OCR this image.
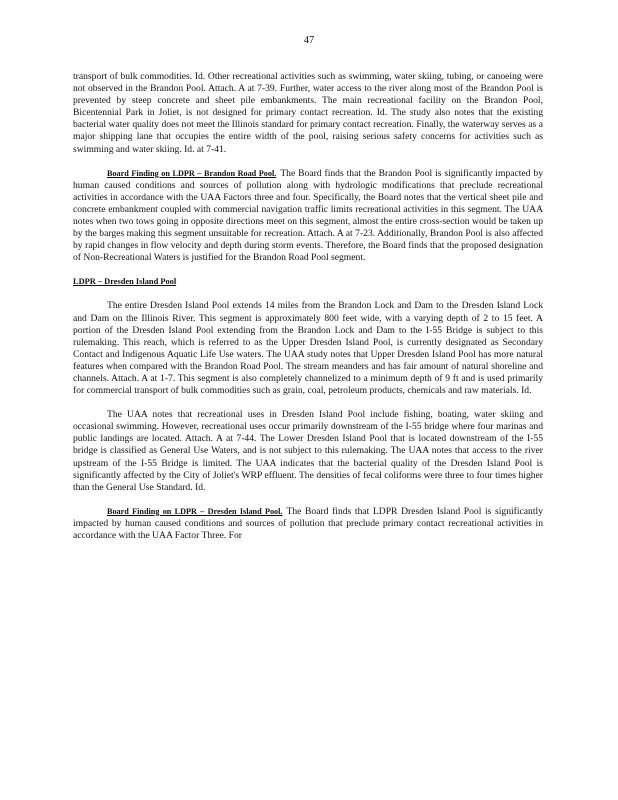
47

transport of bulk commodities. Id. Other recreational activities such as swimming, water skiing, tubing, or canoeing were not observed in the Brandon Pool. Attach. A at 7-39. Further, water access to the river along most of the Brandon Pool is prevented by steep concrete and sheet pile embankments. The main recreational facility on the Brandon Pool, Bicentennial Park in Joliet, is not designed for primary contact recreation. Id. The study also notes that the existing bacterial water quality does not meet the Illinois standard for primary contact recreation. Finally, the waterway serves as a major shipping lane that occupies the entire width of the pool, raising serious safety concerns for activities such as swimming and water skiing. Id. at 7-41.

Board Finding on LDPR – Brandon Road Pool. The Board finds that the Brandon Pool is significantly impacted by human caused conditions and sources of pollution along with hydrologic modifications that preclude recreational activities in accordance with the UAA Factors three and four. Specifically, the Board notes that the vertical sheet pile and concrete embankment coupled with commercial navigation traffic limits recreational activities in this segment. The UAA notes when two tows going in opposite directions meet on this segment, almost the entire cross-section would be taken up by the barges making this segment unsuitable for recreation. Attach. A at 7-23. Additionally, Brandon Pool is also affected by rapid changes in flow velocity and depth during storm events. Therefore, the Board finds that the proposed designation of Non-Recreational Waters is justified for the Brandon Road Pool segment.

LDPR – Dresden Island Pool

The entire Dresden Island Pool extends 14 miles from the Brandon Lock and Dam to the Dresden Island Lock and Dam on the Illinois River. This segment is approximately 800 feet wide, with a varying depth of 2 to 15 feet. A portion of the Dresden Island Pool extending from the Brandon Lock and Dam to the I-55 Bridge is subject to this rulemaking. This reach, which is referred to as the Upper Dresden Island Pool, is currently designated as Secondary Contact and Indigenous Aquatic Life Use waters. The UAA study notes that Upper Dresden Island Pool has more natural features when compared with the Brandon Road Pool. The stream meanders and has fair amount of natural shoreline and channels. Attach. A at 1-7. This segment is also completely channelized to a minimum depth of 9 ft and is used primarily for commercial transport of bulk commodities such as grain, coal, petroleum products, chemicals and raw materials. Id.

The UAA notes that recreational uses in Dresden Island Pool include fishing, boating, water skiing and occasional swimming. However, recreational uses occur primarily downstream of the I-55 bridge where four marinas and public landings are located. Attach. A at 7-44. The Lower Dresden Island Pool that is located downstream of the I-55 bridge is classified as General Use Waters, and is not subject to this rulemaking. The UAA notes that access to the river upstream of the I-55 Bridge is limited. The UAA indicates that the bacterial quality of the Dresden Island Pool is significantly affected by the City of Joliet's WRP effluent. The densities of fecal coliforms were three to four times higher than the General Use Standard. Id.

Board Finding on LDPR – Dresden Island Pool. The Board finds that LDPR Dresden Island Pool is significantly impacted by human caused conditions and sources of pollution that preclude primary contact recreational activities in accordance with the UAA Factor Three. For
